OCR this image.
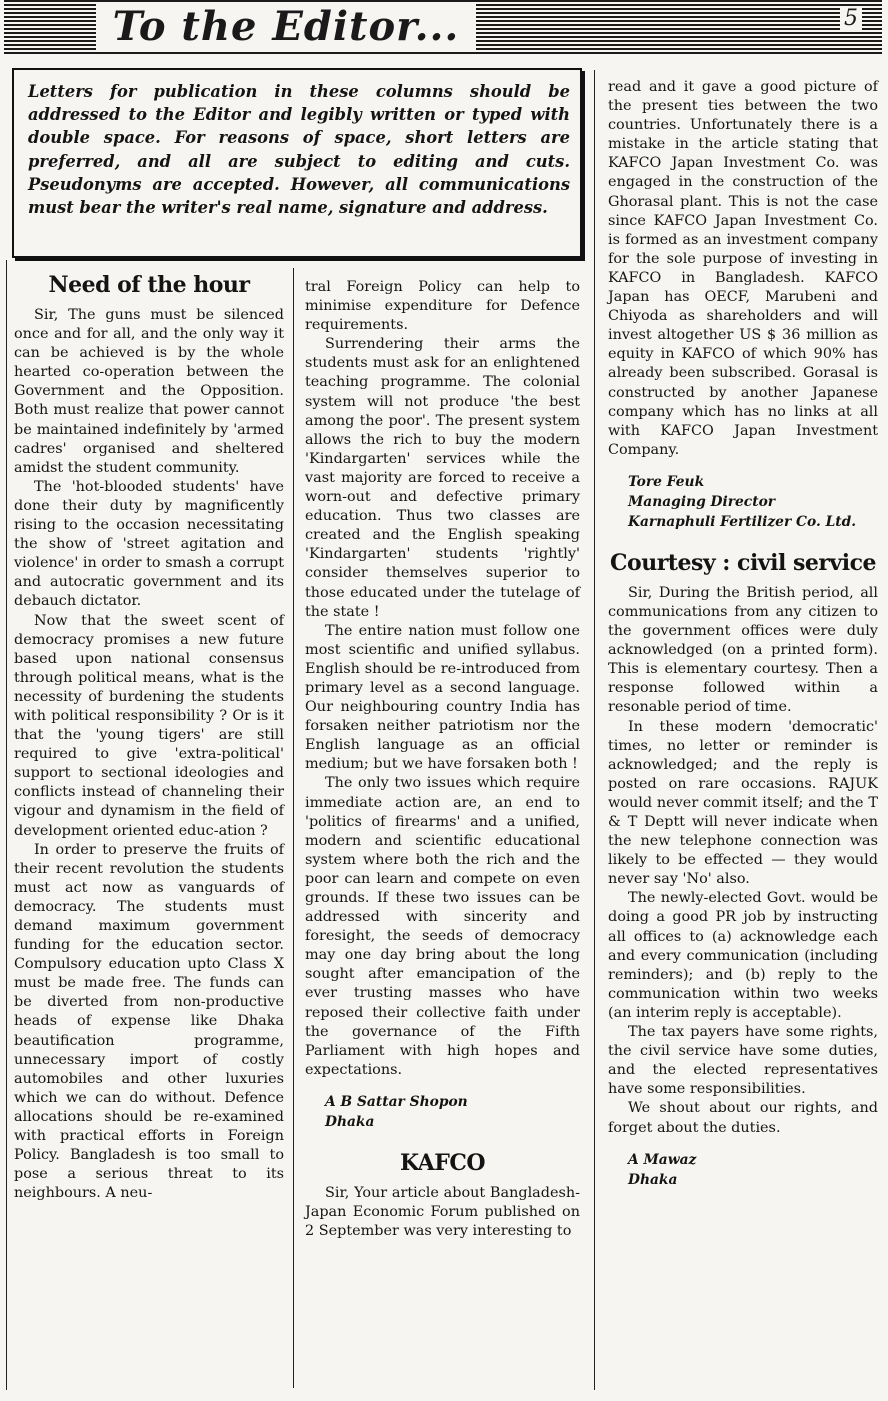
To the Editor...	5
Letters for publication in these columns should be addressed to the Editor and legibly written or typed with double space. For reasons of space, short letters are preferred, and all are subject to editing and cuts. Pseudonyms are accepted. However, all communications must bear the writer's real name, signature and address.
Need of the hour

Sir, The guns must be silenced once and for all, and the only way it can be achieved is by the whole hearted co-operation between the Government and the Opposition. Both must realize that power cannot be maintained indefinitely by 'armed cadres' organised and sheltered amidst the student community.

The 'hot-blooded students' have done their duty by magnificently rising to the occasion necessitating the show of 'street agitation and violence' in order to smash a corrupt and autocratic government and its debauch dictator.

Now that the sweet scent of democracy promises a new future based upon national consensus through political means, what is the necessity of burdening the students with political responsibility ? Or is it that the 'young tigers' are still required to give 'extra-political' support to sectional ideologies and conflicts instead of channeling their vigour and dynamism in the field of development oriented educ-ation ?

In order to preserve the fruits of their recent revolution the students must act now as vanguards of democracy. The students must demand maximum government funding for the education sector. Compulsory education upto Class X must be made free. The funds can be diverted from non-productive heads of expense like Dhaka beautification programme, unnecessary import of costly automobiles and other luxuries which we can do without. Defence allocations should be re-examined with practical efforts in Foreign Policy. Bangladesh is too small to pose a serious threat to its neighbours. A neu-

tral Foreign Policy can help to minimise expenditure for Defence requirements.

Surrendering their arms the students must ask for an enlightened teaching programme. The colonial system will not produce 'the best among the poor'. The present system allows the rich to buy the modern 'Kindargarten' services while the vast majority are forced to receive a worn-out and defective primary education. Thus two classes are created and the English speaking 'Kindargarten' students 'rightly' consider themselves superior to those educated under the tutelage of the state !

The entire nation must follow one most scientific and unified syllabus. English should be re-introduced from primary level as a second language. Our neighbouring country India has forsaken neither patriotism nor the English language as an official medium; but we have forsaken both !

The only two issues which require immediate action are, an end to 'politics of firearms' and a unified, modern and scientific educational system where both the rich and the poor can learn and compete on even grounds. If these two issues can be addressed with sincerity and foresight, the seeds of democracy may one day bring about the long sought after emancipation of the ever trusting masses who have reposed their collective faith under the governance of the Fifth Parliament with high hopes and expectations.

A B Sattar Shopon

Dhaka

KAFCO

Sir, Your article about Bangladesh-Japan Economic Forum published on 2 September was very interesting to

read and it gave a good picture of the present ties between the two countries. Unfortunately there is a mistake in the article stating that KAFCO Japan Investment Co. was engaged in the construction of the Ghorasal plant. This is not the case since KAFCO Japan Investment Co. is formed as an investment company for the sole purpose of investing in KAFCO in Bangladesh. KAFCO Japan has OECF, Marubeni and Chiyoda as shareholders and will invest altogether US $ 36 million as equity in KAFCO of which 90% has already been subscribed. Gorasal is constructed by another Japanese company which has no links at all with KAFCO Japan Investment Company.

Tore Feuk

Managing Director

Karnaphuli Fertilizer Co. Ltd.

Courtesy : civil service

Sir, During the British period, all communications from any citizen to the government offices were duly acknowledged (on a printed form). This is elementary courtesy. Then a response followed within a resonable period of time.

In these modern 'democratic' times, no letter or reminder is acknowledged; and the reply is posted on rare occasions. RAJUK would never commit itself; and the T & T Deptt will never indicate when the new telephone connection was likely to be effected — they would never say 'No' also.

The newly-elected Govt. would be doing a good PR job by instructing all offices to (a) acknowledge each and every communication (including reminders); and (b) reply to the communication within two weeks (an interim reply is acceptable).

The tax payers have some rights, the civil service have some duties, and the elected representatives have some responsibilities.

We shout about our rights, and forget about the duties.

A Mawaz

Dhaka
